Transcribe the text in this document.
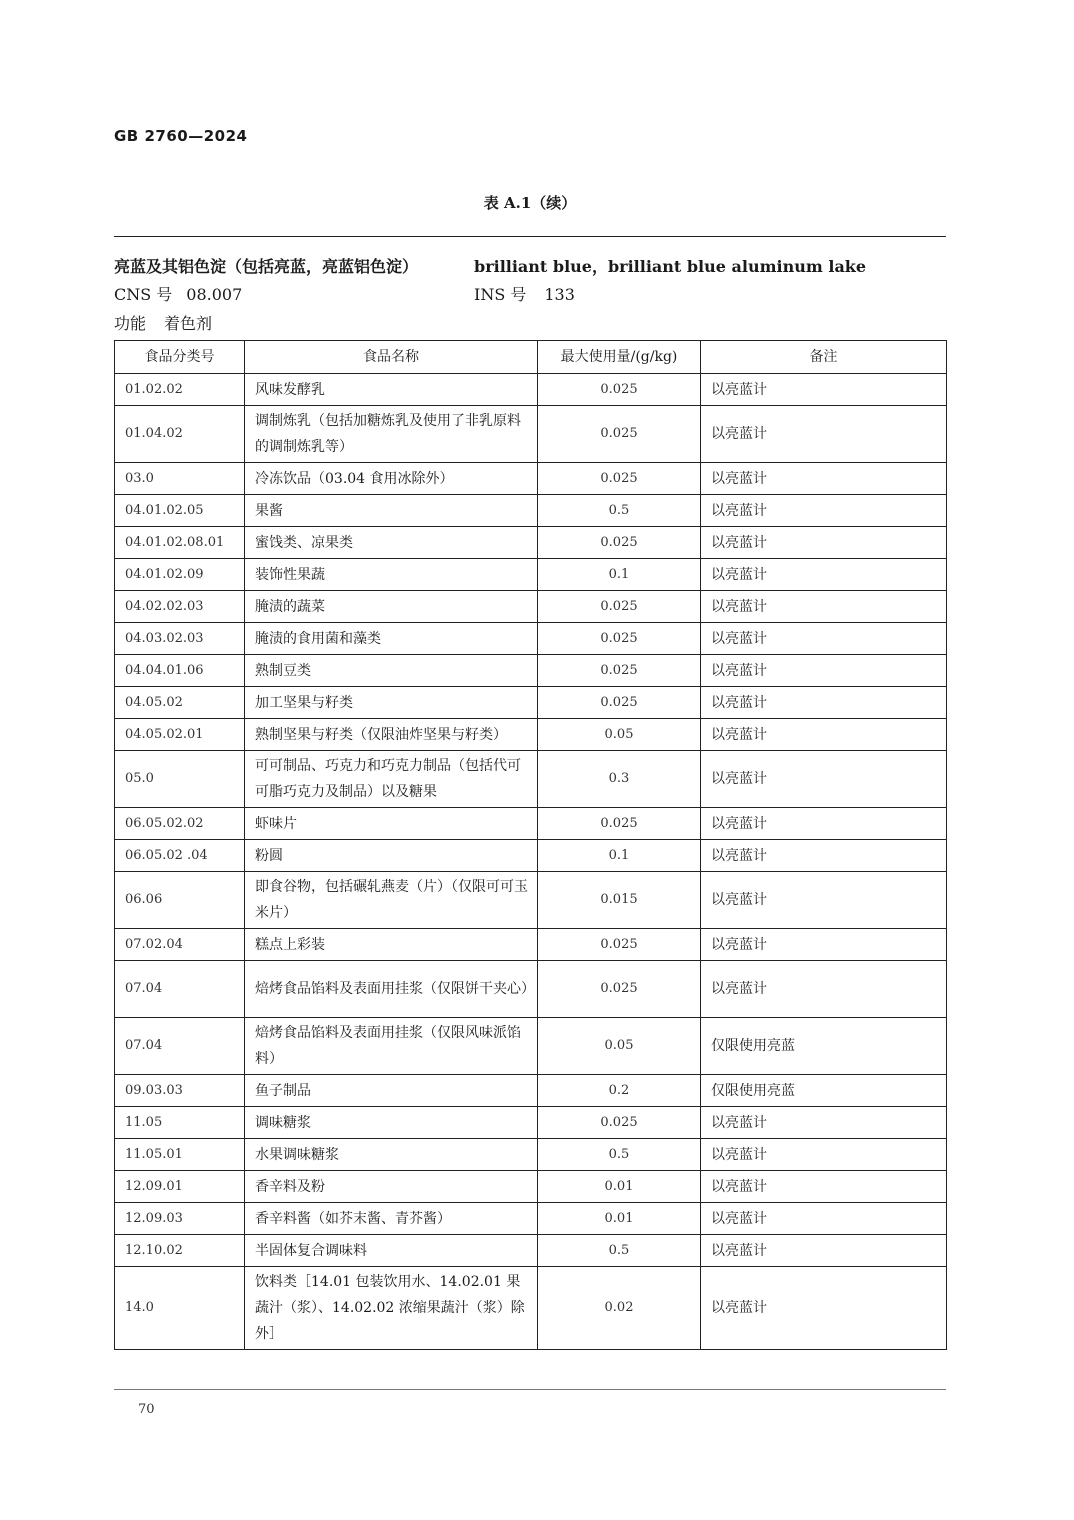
GB 2760—2024
表 A.1（续）
亮蓝及其铝色淀（包括亮蓝，亮蓝铝色淀）	brilliant blue，brilliant blue aluminum lake
CNS 号 08.007	INS 号 133
功能 着色剂
食品分类号	食品名称	最大使用量/(g/kg)	备注
01.02.02	风味发酵乳	0.025	以亮蓝计
01.04.02	调制炼乳（包括加糖炼乳及使用了非乳原料的调制炼乳等）	0.025	以亮蓝计
03.0	冷冻饮品（03.04 食用冰除外）	0.025	以亮蓝计
04.01.02.05	果酱	0.5	以亮蓝计
04.01.02.08.01	蜜饯类、凉果类	0.025	以亮蓝计
04.01.02.09	装饰性果蔬	0.1	以亮蓝计
04.02.02.03	腌渍的蔬菜	0.025	以亮蓝计
04.03.02.03	腌渍的食用菌和藻类	0.025	以亮蓝计
04.04.01.06	熟制豆类	0.025	以亮蓝计
04.05.02	加工坚果与籽类	0.025	以亮蓝计
04.05.02.01	熟制坚果与籽类（仅限油炸坚果与籽类）	0.05	以亮蓝计
05.0	可可制品、巧克力和巧克力制品（包括代可可脂巧克力及制品）以及糖果	0.3	以亮蓝计
06.05.02.02	虾味片	0.025	以亮蓝计
06.05.02 .04	粉圆	0.1	以亮蓝计
06.06	即食谷物，包括碾轧燕麦（片）（仅限可可玉米片）	0.015	以亮蓝计
07.02.04	糕点上彩装	0.025	以亮蓝计
07.04	焙烤食品馅料及表面用挂浆（仅限饼干夹心）	0.025	以亮蓝计
07.04	焙烤食品馅料及表面用挂浆（仅限风味派馅料）	0.05	仅限使用亮蓝
09.03.03	鱼子制品	0.2	仅限使用亮蓝
11.05	调味糖浆	0.025	以亮蓝计
11.05.01	水果调味糖浆	0.5	以亮蓝计
12.09.01	香辛料及粉	0.01	以亮蓝计
12.09.03	香辛料酱（如芥末酱、青芥酱）	0.01	以亮蓝计
12.10.02	半固体复合调味料	0.5	以亮蓝计
14.0	饮料类［14.01 包装饮用水、14.02.01 果蔬汁（浆）、14.02.02 浓缩果蔬汁（浆）除外］	0.02	以亮蓝计
70
